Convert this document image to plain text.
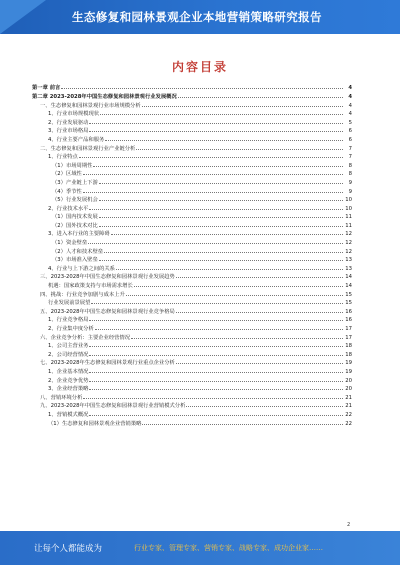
生态修复和园林景观企业本地营销策略研究报告
内容目录
第一章 前言	4
第二章 2023-2028年中国生态修复和园林景观行业发展概况	4
一、生态修复和园林景观行业市场规模分析	4
1、行业市场规模现状	4
2、行业发展驱动	5
3、行业市场格局	6
4、行业主要产品和服务	6
二、生态修复和园林景观行业产业链分析	7
1、行业特点	7
（1）市场周期性	8
（2）区域性	8
（3）产业链上下游	9
（4）季节性	9
（5）行业发展机会	10
2、行业技术水平	10
（1）国内技术发展	11
（2）国外技术对比	11
3、进入本行业的主要障碍	12
（1）资金壁垒	12
（2）人才和技术壁垒	12
（3）市场准入壁垒	13
4、行业与上下游之间的关系	13
三、2023-2028年中国生态修复和园林景观行业发展趋势	14
机遇：国家政策支持与市场需求增长	14
四、挑战：行业竞争加剧与成本上升	15
行业发展前景展望	15
五、2023-2028年中国生态修复和园林景观行业竞争格局	16
1、行业竞争格局	16
2、行业集中度分析	17
六、企业竞争分析：主要企业经营情况	17
1、公司主营业务	18
2、公司经营情况	18
七、2023-2028年生态修复和园林景观行业重点企业分析	19
1、企业基本情况	19
2、企业竞争优势	20
3、企业经营策略	20
八、营销环境分析	21
九、2023-2028年中国生态修复和园林景观行业营销模式分析	21
1、营销模式概况	22
（1）生态修复和园林景观企业营销策略	22
2
让每个人都能成为	行业专家、管理专家、营销专家、战略专家、成功企业家……
